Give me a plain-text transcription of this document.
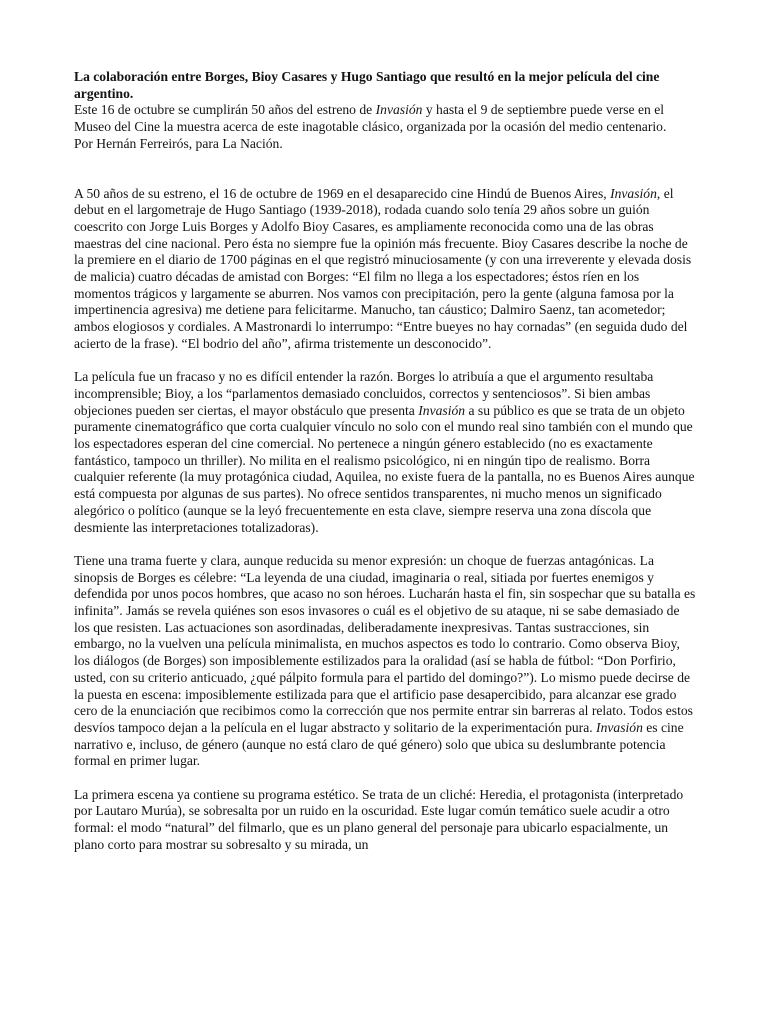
La colaboración entre Borges, Bioy Casares y Hugo Santiago que resultó en la mejor película del cine argentino.

Este 16 de octubre se cumplirán 50 años del estreno de Invasión y hasta el 9 de septiembre puede verse en el Museo del Cine la muestra acerca de este inagotable clásico, organizada por la ocasión del medio centenario.

Por Hernán Ferreirós, para La Nación.

A 50 años de su estreno, el 16 de octubre de 1969 en el desaparecido cine Hindú de Buenos Aires, Invasión, el debut en el largometraje de Hugo Santiago (1939-2018), rodada cuando solo tenía 29 años sobre un guión coescrito con Jorge Luis Borges y Adolfo Bioy Casares, es ampliamente reconocida como una de las obras maestras del cine nacional. Pero ésta no siempre fue la opinión más frecuente. Bioy Casares describe la noche de la premiere en el diario de 1700 páginas en el que registró minuciosamente (y con una irreverente y elevada dosis de malicia) cuatro décadas de amistad con Borges: “El film no llega a los espectadores; éstos ríen en los momentos trágicos y largamente se aburren. Nos vamos con precipitación, pero la gente (alguna famosa por la impertinencia agresiva) me detiene para felicitarme. Manucho, tan cáustico; Dalmiro Saenz, tan acometedor; ambos elogiosos y cordiales. A Mastronardi lo interrumpo: “Entre bueyes no hay cornadas” (en seguida dudo del acierto de la frase). “El bodrio del año”, afirma tristemente un desconocido”.

La película fue un fracaso y no es difícil entender la razón. Borges lo atribuía a que el argumento resultaba incomprensible; Bioy, a los “parlamentos demasiado concluidos, correctos y sentenciosos”. Si bien ambas objeciones pueden ser ciertas, el mayor obstáculo que presenta Invasión a su público es que se trata de un objeto puramente cinematográfico que corta cualquier vínculo no solo con el mundo real sino también con el mundo que los espectadores esperan del cine comercial. No pertenece a ningún género establecido (no es exactamente fantástico, tampoco un thriller). No milita en el realismo psicológico, ni en ningún tipo de realismo. Borra cualquier referente (la muy protagónica ciudad, Aquilea, no existe fuera de la pantalla, no es Buenos Aires aunque está compuesta por algunas de sus partes). No ofrece sentidos transparentes, ni mucho menos un significado alegórico o político (aunque se la leyó frecuentemente en esta clave, siempre reserva una zona díscola que desmiente las interpretaciones totalizadoras).

Tiene una trama fuerte y clara, aunque reducida su menor expresión: un choque de fuerzas antagónicas. La sinopsis de Borges es célebre: “La leyenda de una ciudad, imaginaria o real, sitiada por fuertes enemigos y defendida por unos pocos hombres, que acaso no son héroes. Lucharán hasta el fin, sin sospechar que su batalla es infinita”. Jamás se revela quiénes son esos invasores o cuál es el objetivo de su ataque, ni se sabe demasiado de los que resisten. Las actuaciones son asordinadas, deliberadamente inexpresivas. Tantas sustracciones, sin embargo, no la vuelven una película minimalista, en muchos aspectos es todo lo contrario. Como observa Bioy, los diálogos (de Borges) son imposiblemente estilizados para la oralidad (así se habla de fútbol: “Don Porfirio, usted, con su criterio anticuado, ¿qué pálpito formula para el partido del domingo?”). Lo mismo puede decirse de la puesta en escena: imposiblemente estilizada para que el artificio pase desapercibido, para alcanzar ese grado cero de la enunciación que recibimos como la corrección que nos permite entrar sin barreras al relato. Todos estos desvíos tampoco dejan a la película en el lugar abstracto y solitario de la experimentación pura. Invasión es cine narrativo e, incluso, de género (aunque no está claro de qué género) solo que ubica su deslumbrante potencia formal en primer lugar.

La primera escena ya contiene su programa estético. Se trata de un cliché: Heredia, el protagonista (interpretado por Lautaro Murúa), se sobresalta por un ruido en la oscuridad. Este lugar común temático suele acudir a otro formal: el modo “natural” del filmarlo, que es un plano general del personaje para ubicarlo espacialmente, un plano corto para mostrar su sobresalto y su mirada, un
